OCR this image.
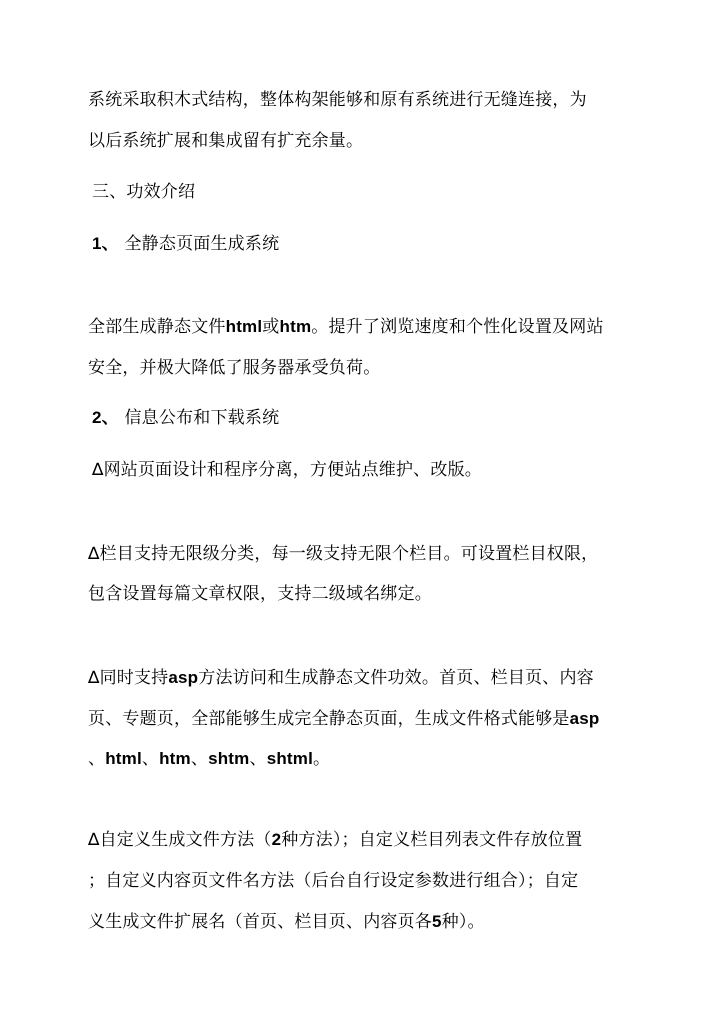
系统采取积木式结构，整体构架能够和原有系统进行无缝连接，为
以后系统扩展和集成留有扩充余量。
三、功效介绍
1、 全静态页面生成系统
全部生成静态文件html或htm。提升了浏览速度和个性化设置及网站
安全，并极大降低了服务器承受负荷。
2、 信息公布和下载系统
∆网站页面设计和程序分离，方便站点维护、改版。
∆栏目支持无限级分类，每一级支持无限个栏目。可设置栏目权限，
包含设置每篇文章权限，支持二级域名绑定。
∆同时支持asp方法访问和生成静态文件功效。首页、栏目页、内容
页、专题页，全部能够生成完全静态页面，生成文件格式能够是asp
、html、htm、shtm、shtml。
∆自定义生成文件方法（2种方法）；自定义栏目列表文件存放位置
；自定义内容页文件名方法（后台自行设定参数进行组合）；自定
义生成文件扩展名（首页、栏目页、内容页各5种）。
